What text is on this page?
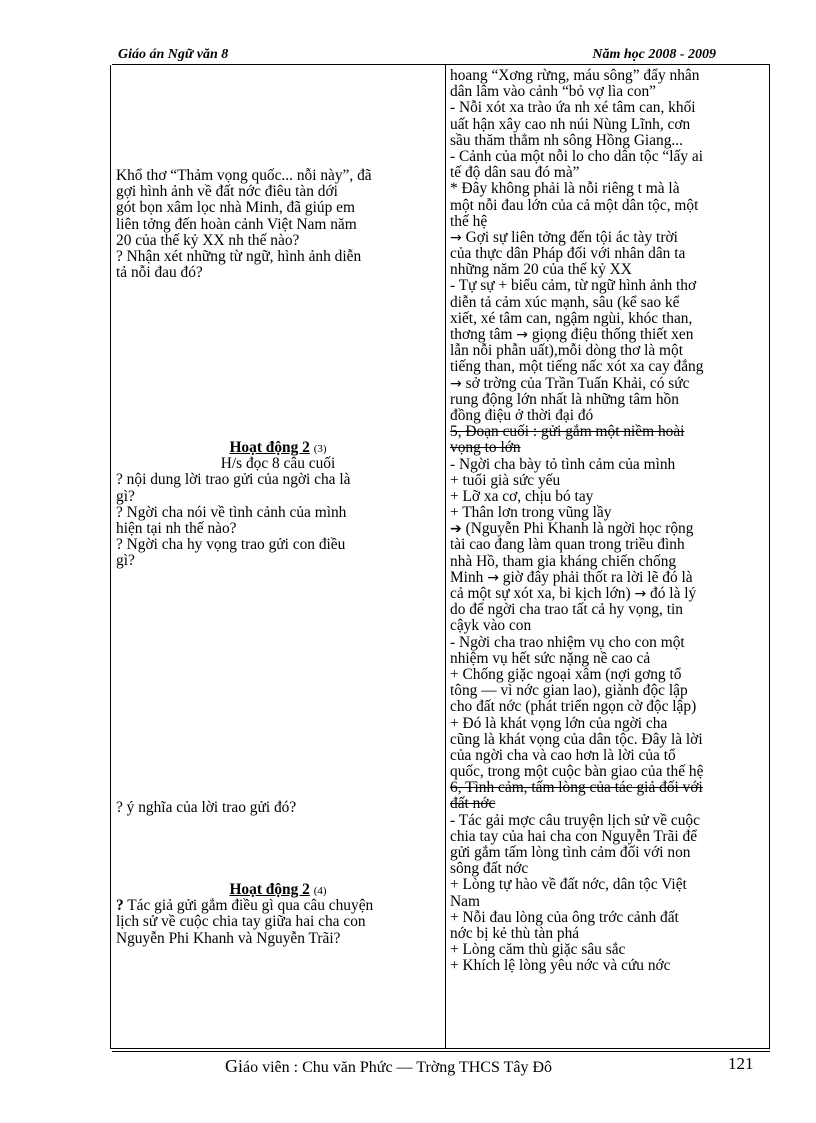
Giáo án Ngữ văn 8	Năm học 2008 - 2009
Khổ thơ “Thảm vọng quốc... nỗi này”, đã
gợi hình ảnh về đất nớc điêu tàn dới
gót bọn xâm lọc nhà Minh, đã giúp em
liên tởng đến hoàn cảnh Việt Nam năm
20 của thế kỷ XX nh thế nào?
? Nhận xét những từ ngữ, hình ảnh diễn
tả nỗi đau đó?
Hoạt động 2 (3)
H/s đọc 8 câu cuối
? nội dung lời trao gửi của ngời cha là
gì?
? Ngời cha nói về tình cảnh của mình
hiện tại nh thế nào?
? Ngời cha hy vọng trao gửi con điều
gì?
? ý nghĩa của lời trao gửi đó?
Hoạt động 2 (4)
? Tác giả gửi gắm điều gì qua câu chuyện
lịch sử về cuộc chia tay giữa hai cha con
Nguyễn Phi Khanh và Nguyễn Trãi?
hoang “Xơng rừng, máu sông” đẩy nhân
dân lâm vào cảnh “bỏ vợ lìa con”
- Nỗi xót xa trào ứa nh xé tâm can, khối
uất hận xây cao nh núi Nùng Lĩnh, cơn
sầu thăm thẳm nh sông Hồng Giang...
- Cảnh của một nỗi lo cho dân tộc “lấy ai
tế độ dân sau đó mà”
* Đây không phải là nỗi riêng t mà là
một nỗi đau lớn của cả một dân tộc, một
thế hệ
→ Gợi sự liên tởng đến tội ác tày trời
của thực dân Pháp đối với nhân dân ta
những năm 20 của thế kỷ XX
- Tự sự + biểu cảm, từ ngữ hình ảnh thơ
diễn tả cảm xúc mạnh, sâu (kể sao kể
xiết, xé tâm can, ngậm ngùi, khóc than,
thơng tâm → giọng điệu thống thiết xen
lẫn nỗi phẫn uất),mỗi dòng thơ là một
tiếng than, một tiếng nấc xót xa cay đắng
→ sở trờng của Trần Tuấn Khải, có sức
rung động lớn nhất là những tâm hồn
đồng điệu ở thời đại đó
5, Đoạn cuối : gửi gắm một niềm hoài
vọng to lớn
- Ngời cha bày tỏ tình cảm của mình
+ tuổi già sức yếu
+ Lỡ xa cơ, chịu bó tay
+ Thân lơn trong vũng lầy
➔ (Nguyễn Phi Khanh là ngời học rộng
tài cao đang làm quan trong triều đình
nhà Hồ, tham gia kháng chiến chống
Minh → giờ đây phải thốt ra lời lẽ đó là
cả một sự xót xa, bi kịch lớn) → đó là lý
do để ngời cha trao tất cả hy vọng, tin
cậyk vào con
- Ngời cha trao nhiệm vụ cho con một
nhiệm vụ hết sức nặng nề cao cả
+ Chống giặc ngoại xâm (nợi gơng tổ
tông — vì nớc gian lao), giành độc lập
cho đất nớc (phát triển ngọn cờ độc lập)
+ Đó là khát vọng lớn của ngời cha
cũng là khát vọng của dân tộc. Đây là lời
của ngời cha và cao hơn là lời của tổ
quốc, trong một cuộc bàn giao của thế hệ
6, Tình cảm, tấm lòng của tác giả đối với
đất nớc
- Tác gải mợc câu truyện lịch sử về cuộc
chia tay của hai cha con Nguyễn Trãi để
gửi gắm tấm lòng tình cảm đối với non
sông đất nớc
+ Lòng tự hào về đất nớc, dân tộc Việt
Nam
+ Nỗi đau lòng của ông trớc cảnh đất
nớc bị kẻ thù tàn phá
+ Lòng căm thù giặc sâu sắc
+ Khích lệ lòng yêu nớc và cứu nớc
Giáo viên : Chu văn Phức — Trờng THCS Tây Đô	121
